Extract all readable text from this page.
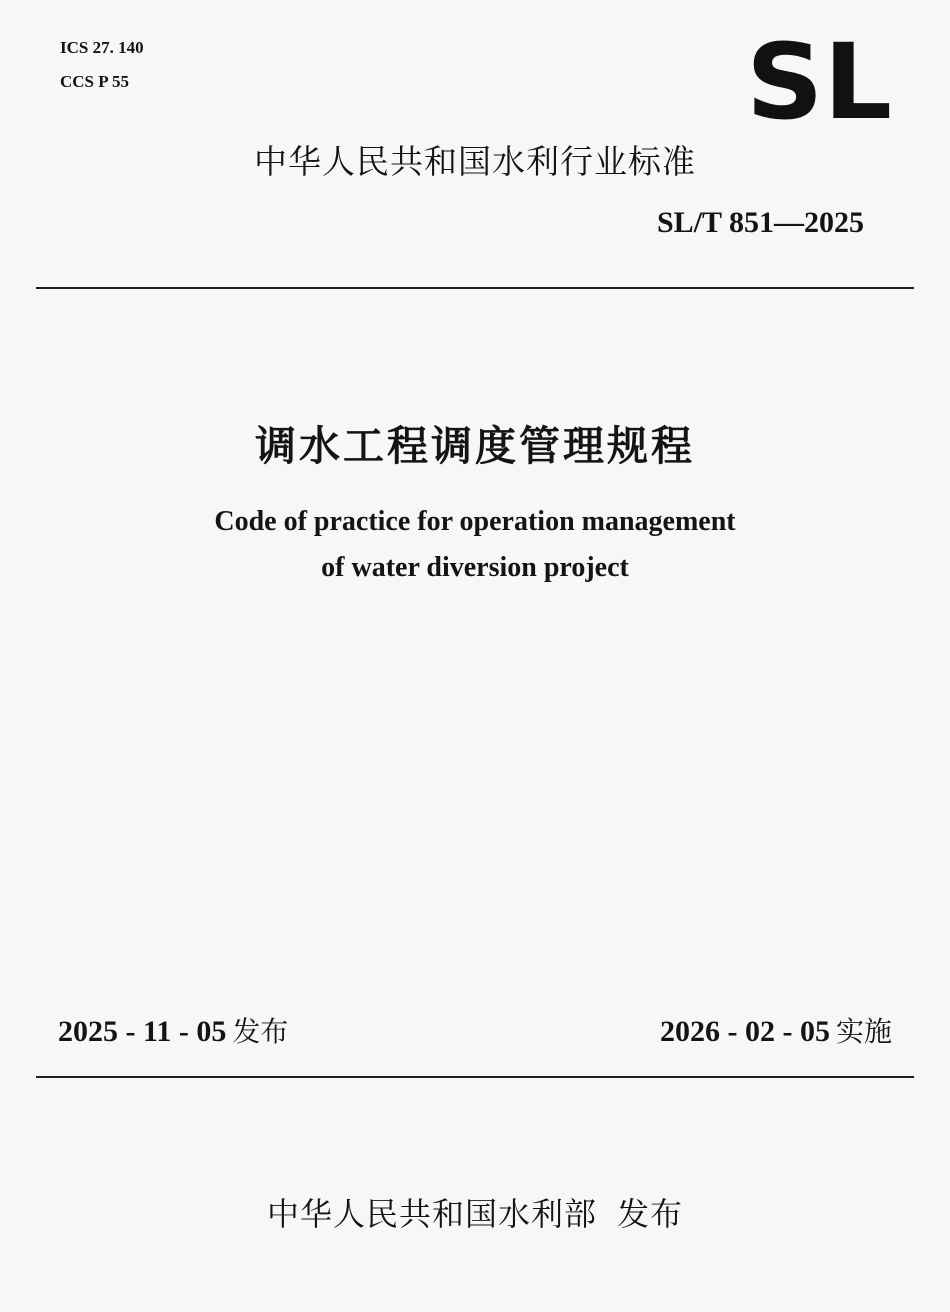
ICS 27. 140
CCS P 55	SL
中华人民共和国水利行业标准
SL/T 851—2025
调水工程调度管理规程
Code of practice for operation management
of water diversion project
2025 - 11 - 05 发布	2026 - 02 - 05 实施
中华人民共和国水利部 发布
